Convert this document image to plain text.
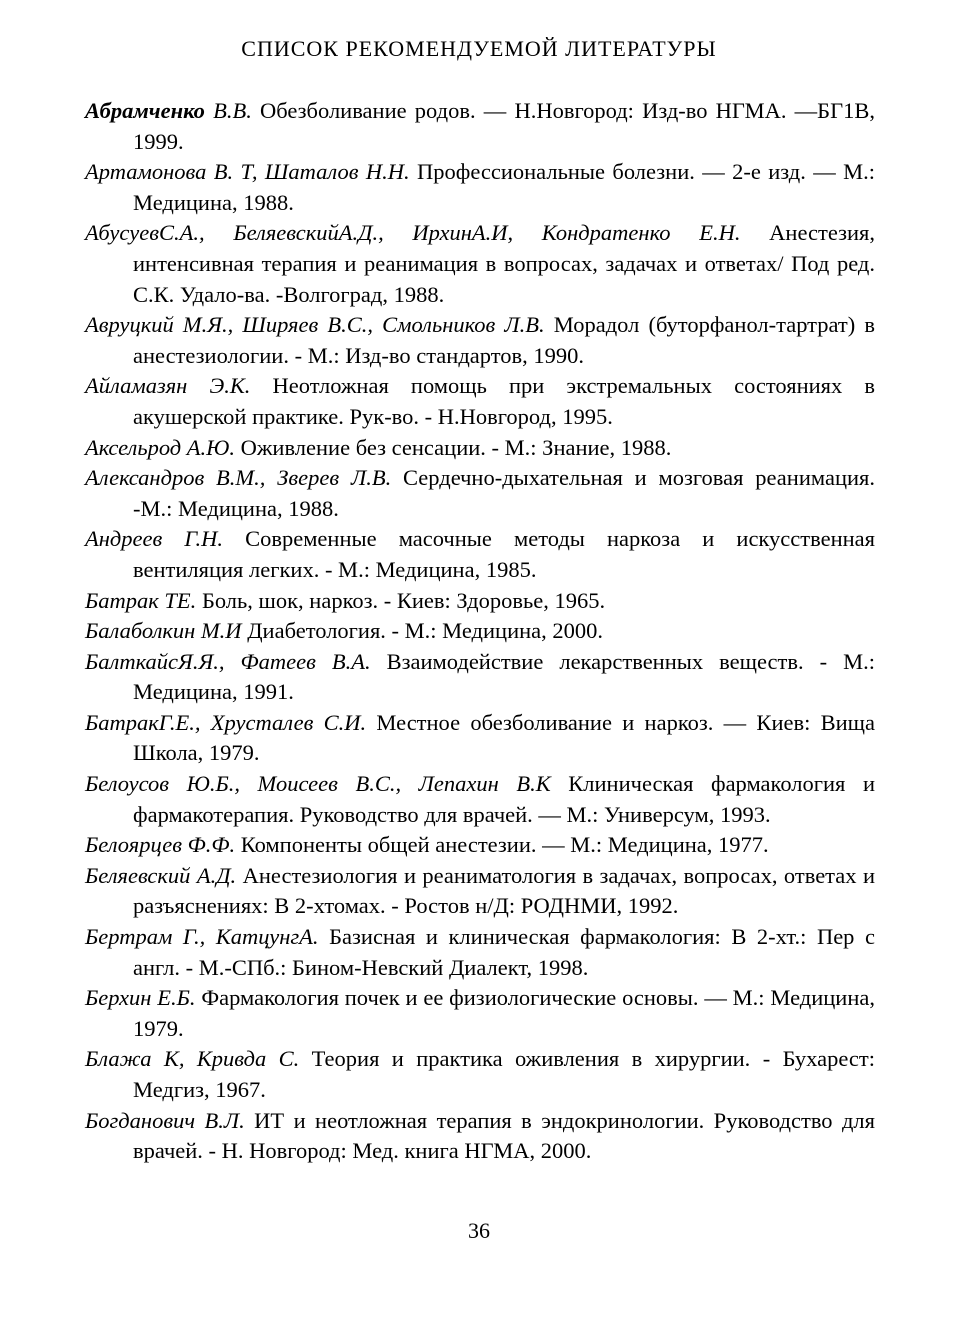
СПИСОК РЕКОМЕНДУЕМОЙ ЛИТЕРАТУРЫ

Абрамченко В.В. Обезболивание родов. — Н.Новгород: Изд-во НГМА. —БГ1В, 1999.

Артамонова В. Т, Шаталов Н.Н. Профессиональные болезни. — 2-е изд. — М.: Медицина, 1988.

АбусуевС.А., БеляевскийА.Д., ИрхинА.И, Кондратенко Е.Н. Анестезия, интенсивная терапия и реанимация в вопросах, задачах и ответах/ Под ред. С.К. Удало-ва. -Волгоград, 1988.

Авруцкий М.Я., Ширяев В.С., Смольников Л.В. Морадол (буторфанол-тартрат) в анестезиологии. - М.: Изд-во стандартов, 1990.

Айламазян Э.К. Неотложная помощь при экстремальных состояниях в акушерской практике. Рук-во. - Н.Новгород, 1995.

Аксельрод А.Ю. Оживление без сенсации. - М.: Знание, 1988.

Александров В.М., Зверев Л.В. Сердечно-дыхательная и мозговая реанимация. -М.: Медицина, 1988.

Андреев Г.Н. Современные масочные методы наркоза и искусственная вентиляция легких. - М.: Медицина, 1985.

Батрак ТЕ. Боль, шок, наркоз. - Киев: Здоровье, 1965.

Балаболкин М.И Диабетология. - М.: Медицина, 2000.

БалткайсЯ.Я., Фатеев В.А. Взаимодействие лекарственных веществ. - М.: Медицина, 1991.

БатракГ.Е., Хрусталев С.И. Местное обезболивание и наркоз. — Киев: Вища Школа, 1979.

Белоусов Ю.Б., Моисеев В.С., Лепахин В.К Клиническая фармакология и фармакотерапия. Руководство для врачей. — М.: Универсум, 1993.

Белоярцев Ф.Ф. Компоненты общей анестезии. — М.: Медицина, 1977.

Беляевский А.Д. Анестезиология и реаниматология в задачах, вопросах, ответах и разъяснениях: В 2-хтомах. - Ростов н/Д: РОДНМИ, 1992.

Бертрам Г., КатцунгА. Базисная и клиническая фармакология: В 2-хт.: Пер с англ. - М.-СПб.: Бином-Невский Диалект, 1998.

Берхин Е.Б. Фармакология почек и ее физиологические основы. — М.: Медицина, 1979.

Блажа К, Кривда С. Теория и практика оживления в хирургии. - Бухарест: Медгиз, 1967.

Богданович В.Л. ИТ и неотложная терапия в эндокринологии. Руководство для врачей. - Н. Новгород: Мед. книга НГМА, 2000.

36
